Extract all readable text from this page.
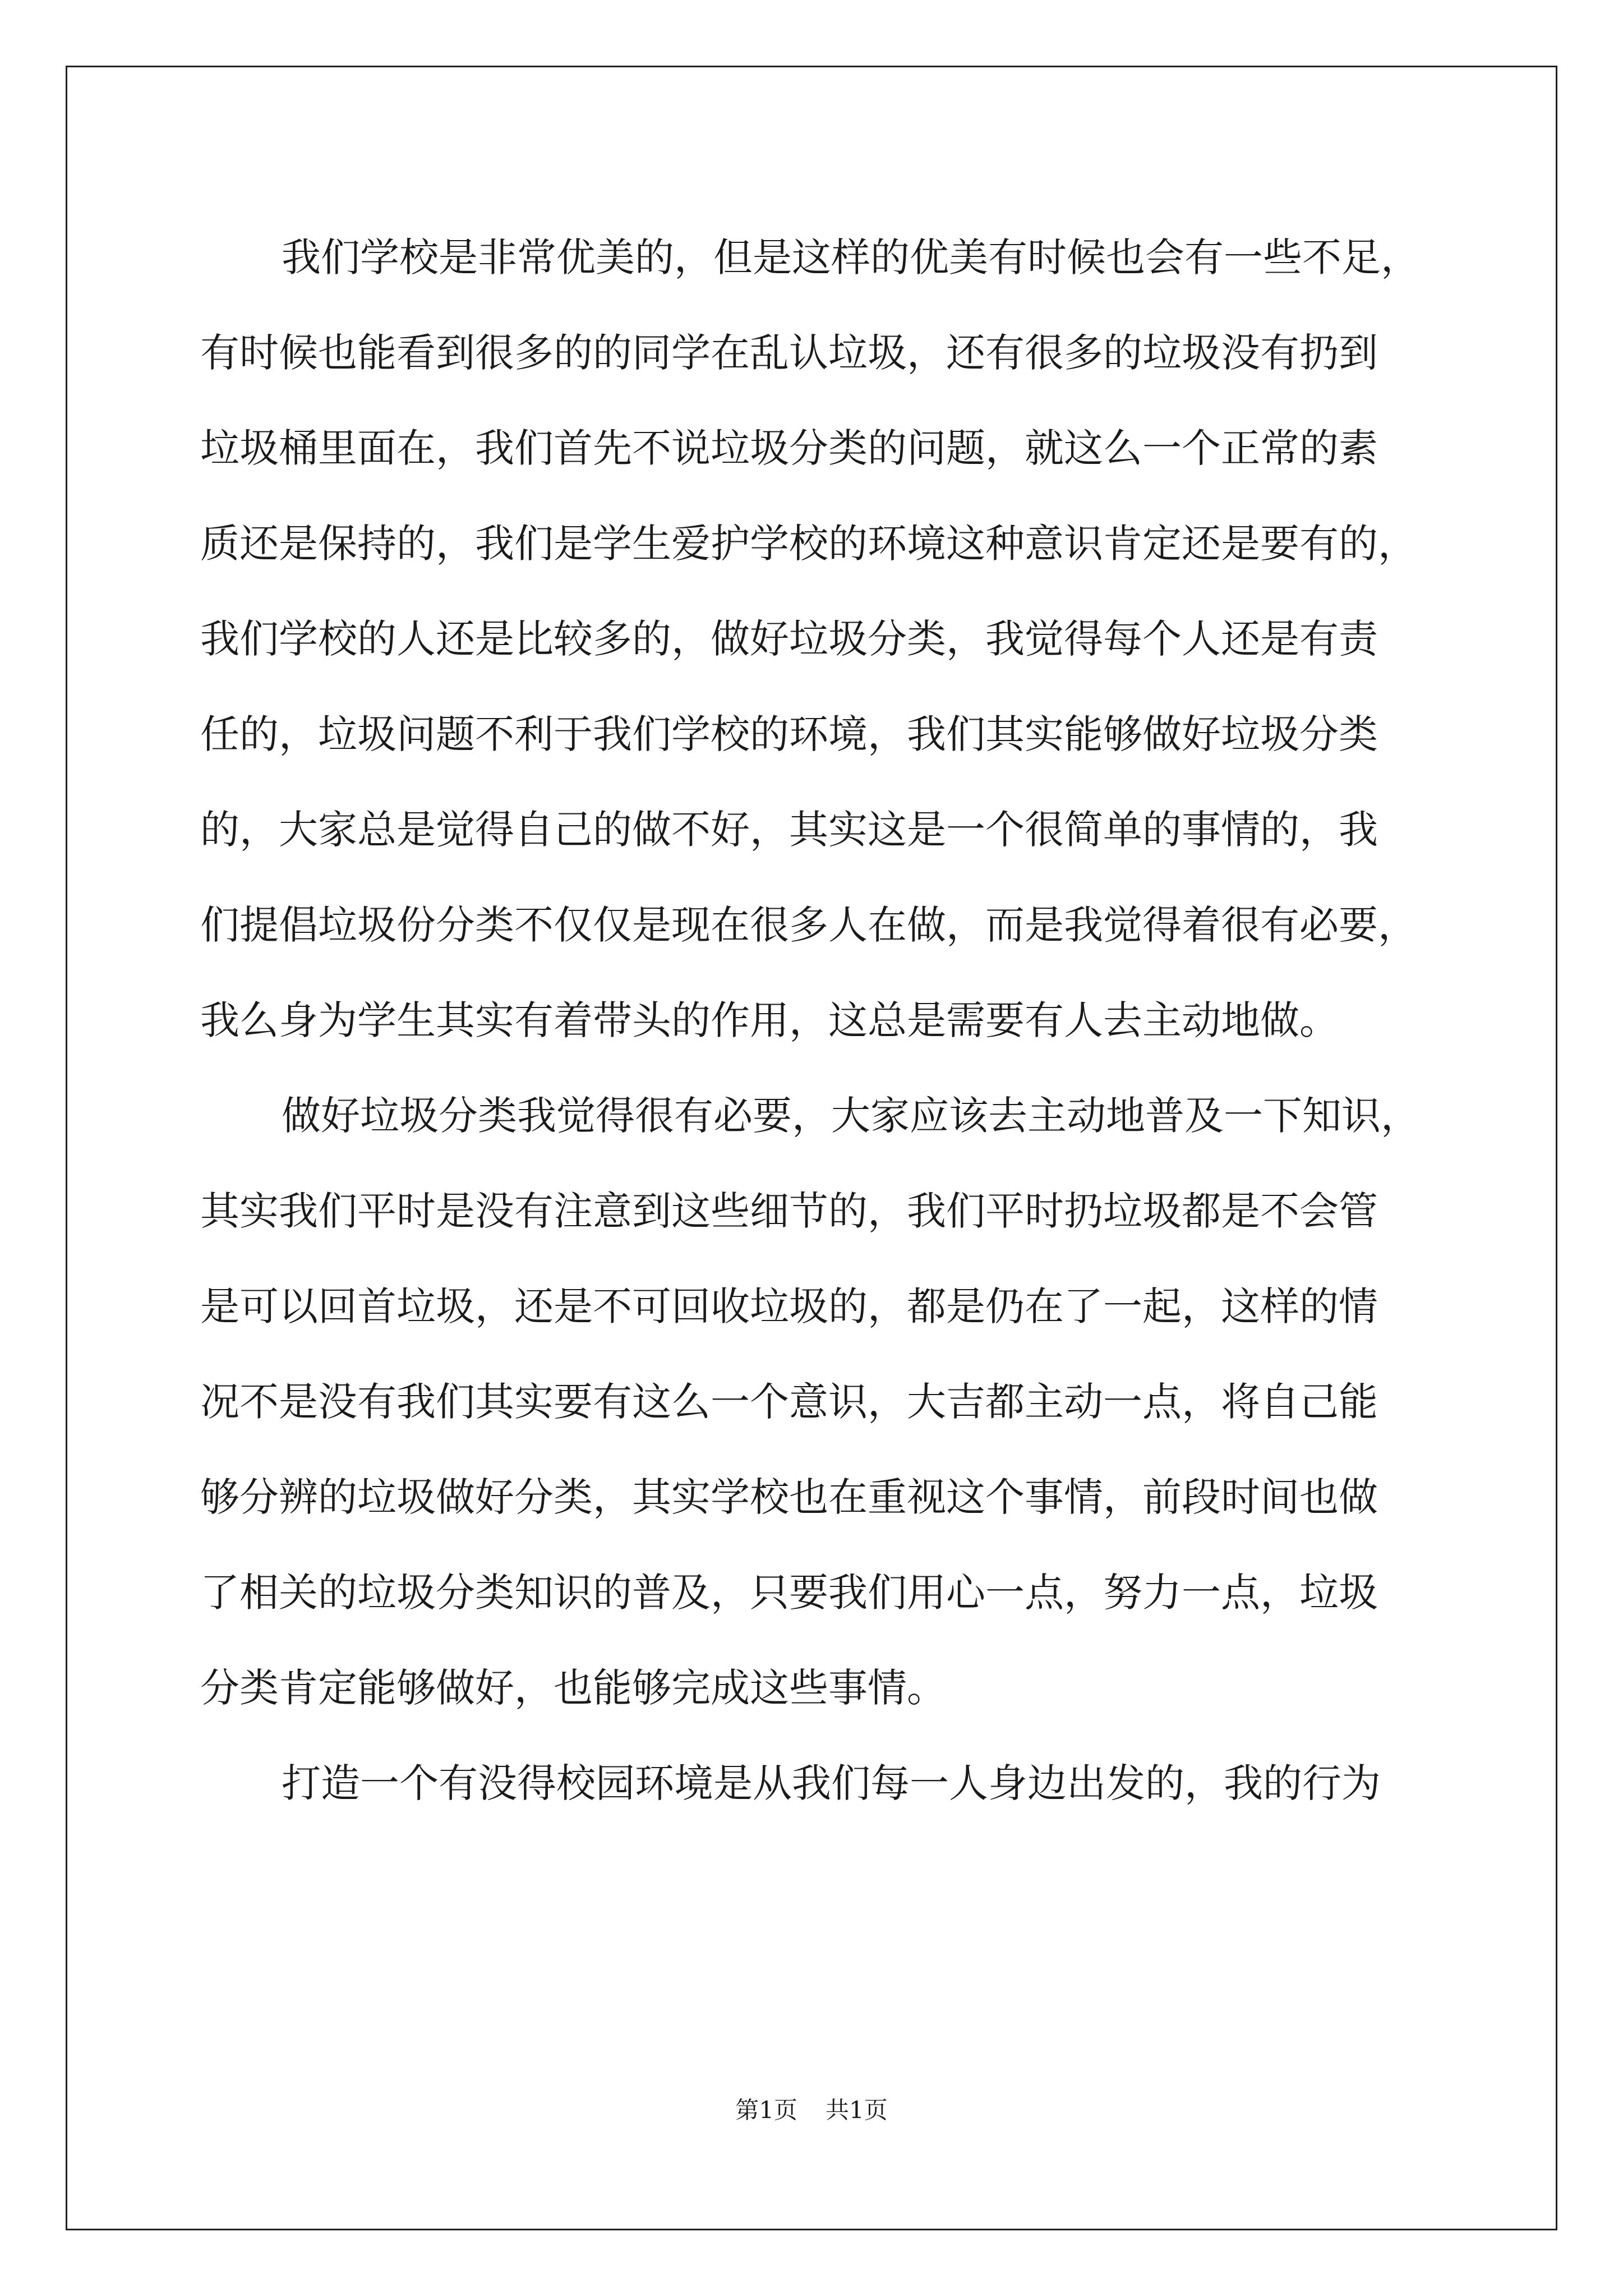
我们学校是非常优美的，但是这样的优美有时候也会有一些不足，
有时候也能看到很多的的同学在乱认垃圾，还有很多的垃圾没有扔到
垃圾桶里面在，我们首先不说垃圾分类的问题，就这么一个正常的素
质还是保持的，我们是学生爱护学校的环境这种意识肯定还是要有的，
我们学校的人还是比较多的，做好垃圾分类，我觉得每个人还是有责
任的，垃圾问题不利于我们学校的环境，我们其实能够做好垃圾分类
的，大家总是觉得自己的做不好，其实这是一个很简单的事情的，我
们提倡垃圾份分类不仅仅是现在很多人在做，而是我觉得着很有必要，
我么身为学生其实有着带头的作用，这总是需要有人去主动地做。
做好垃圾分类我觉得很有必要，大家应该去主动地普及一下知识，
其实我们平时是没有注意到这些细节的，我们平时扔垃圾都是不会管
是可以回首垃圾，还是不可回收垃圾的，都是仍在了一起，这样的情
况不是没有我们其实要有这么一个意识，大吉都主动一点，将自己能
够分辨的垃圾做好分类，其实学校也在重视这个事情，前段时间也做
了相关的垃圾分类知识的普及，只要我们用心一点，努力一点，垃圾
分类肯定能够做好，也能够完成这些事情。
打造一个有没得校园环境是从我们每一人身边出发的，我的行为
第1页 共1页
